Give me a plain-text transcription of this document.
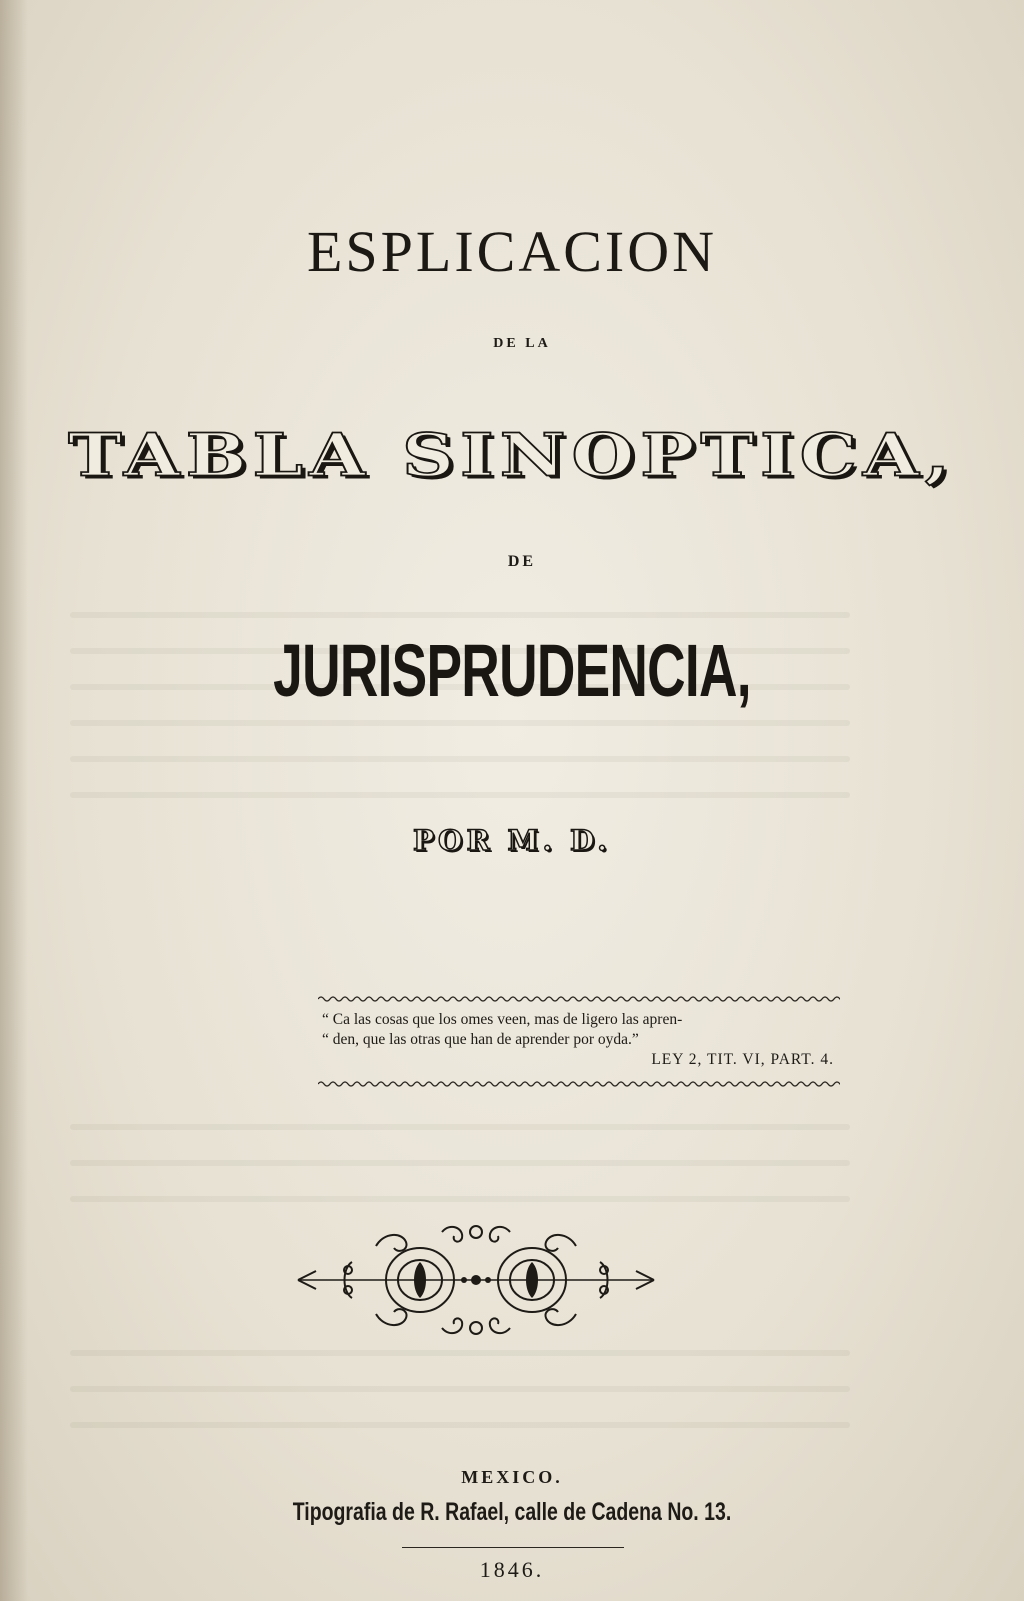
ESPLICACION
DE LA
TABLA SINOPTICA,
DE
JURISPRUDENCIA,
POR M. D.
“ Ca las cosas que los omes veen, mas de ligero las apren-
“ den, que las otras que han de aprender por oyda.”
LEY 2, TIT. VI, PART. 4.
MEXICO.
Tipografia de R. Rafael, calle de Cadena No. 13.
1846.
